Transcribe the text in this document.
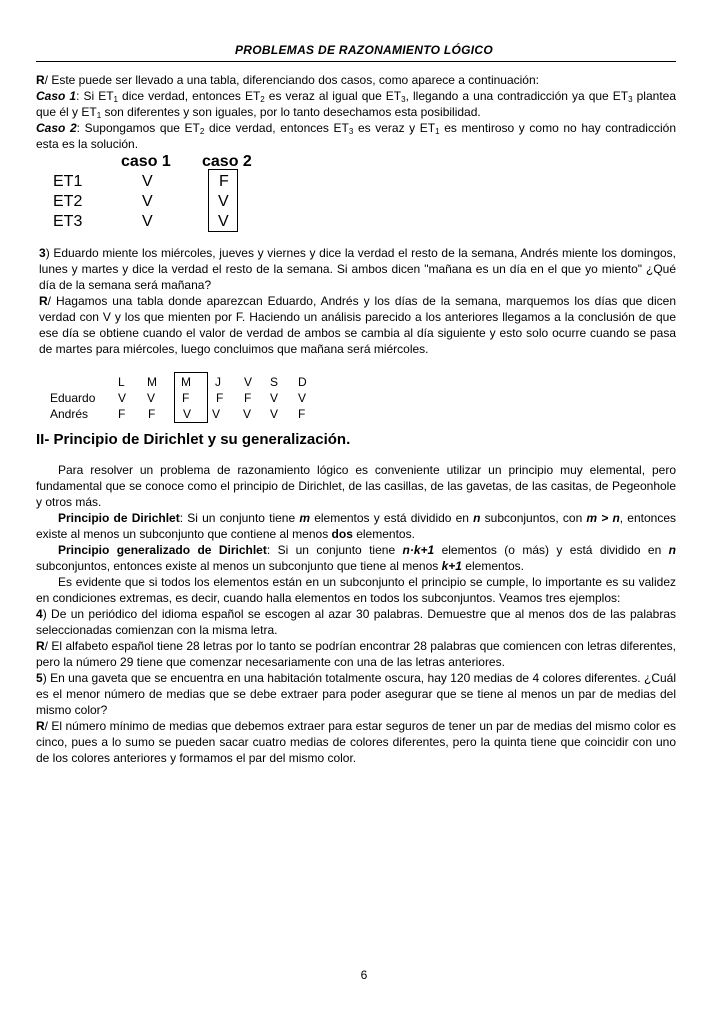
PROBLEMAS DE RAZONAMIENTO LÓGICO

R/ Este puede ser llevado a una tabla, diferenciando dos casos, como aparece a continuación:

Caso 1: Si $ET_1$ dice verdad, entonces $ET_2$ es veraz al igual que $ET_3$, llegando a una contradicción ya que $ET_3$ plantea que él y $ET_1$ son diferentes y son iguales, por lo tanto desechamos esta posibilidad.

Caso 2: Supongamos que $ET_2$ dice verdad, entonces $ET_3$ es veraz y $ET_1$ es mentiroso y como no hay contradicción esta es la solución.

caso 1 caso 2
ET1	V	F
ET2	V	V
ET3	V	V

3) Eduardo miente los miércoles, jueves y viernes y dice la verdad el resto de la semana, Andrés miente los domingos, lunes y martes y dice la verdad el resto de la semana. Si ambos dicen "mañana es un día en el que yo miento" ¿Qué día de la semana será mañana?

R/ Hagamos una tabla donde aparezcan Eduardo, Andrés y los días de la semana, marquemos los días que dicen verdad con V y los que mienten por F. Haciendo un análisis parecido a los anteriores llegamos a la conclusión de que ese día se obtiene cuando el valor de verdad de ambos se cambia al día siguiente y esto solo ocurre cuando se pasa de martes para miércoles, luego concluimos que mañana será miércoles.

L M M J V S D
Eduardo V V F F F V V
Andrés F F V V V V F
II- Principio de Dirichlet y su generalización.

Para resolver un problema de razonamiento lógico es conveniente utilizar un principio muy elemental, pero fundamental que se conoce como el principio de Dirichlet, de las casillas, de las gavetas, de las casitas, de Pegeonhole y otros más.

Principio de Dirichlet: Si un conjunto tiene m elementos y está dividido en n subconjuntos, con m > n, entonces existe al menos un subconjunto que contiene al menos dos elementos.

Principio generalizado de Dirichlet: Si un conjunto tiene n·k+1 elementos (o más) y está dividido en n subconjuntos, entonces existe al menos un subconjunto que tiene al menos k+1 elementos.

Es evidente que si todos los elementos están en un subconjunto el principio se cumple, lo importante es su validez en condiciones extremas, es decir, cuando halla elementos en todos los subconjuntos. Veamos tres ejemplos:

4) De un periódico del idioma español se escogen al azar 30 palabras. Demuestre que al menos dos de las palabras seleccionadas comienzan con la misma letra.

R/ El alfabeto español tiene 28 letras por lo tanto se podrían encontrar 28 palabras que comiencen con letras diferentes, pero la número 29 tiene que comenzar necesariamente con una de las letras anteriores.

5) En una gaveta que se encuentra en una habitación totalmente oscura, hay 120 medias de 4 colores diferentes. ¿Cuál es el menor número de medias que se debe extraer para poder asegurar que se tiene al menos un par de medias del mismo color?

R/ El número mínimo de medias que debemos extraer para estar seguros de tener un par de medias del mismo color es cinco, pues a lo sumo se pueden sacar cuatro medias de colores diferentes, pero la quinta tiene que coincidir con uno de los colores anteriores y formamos el par del mismo color.

6
